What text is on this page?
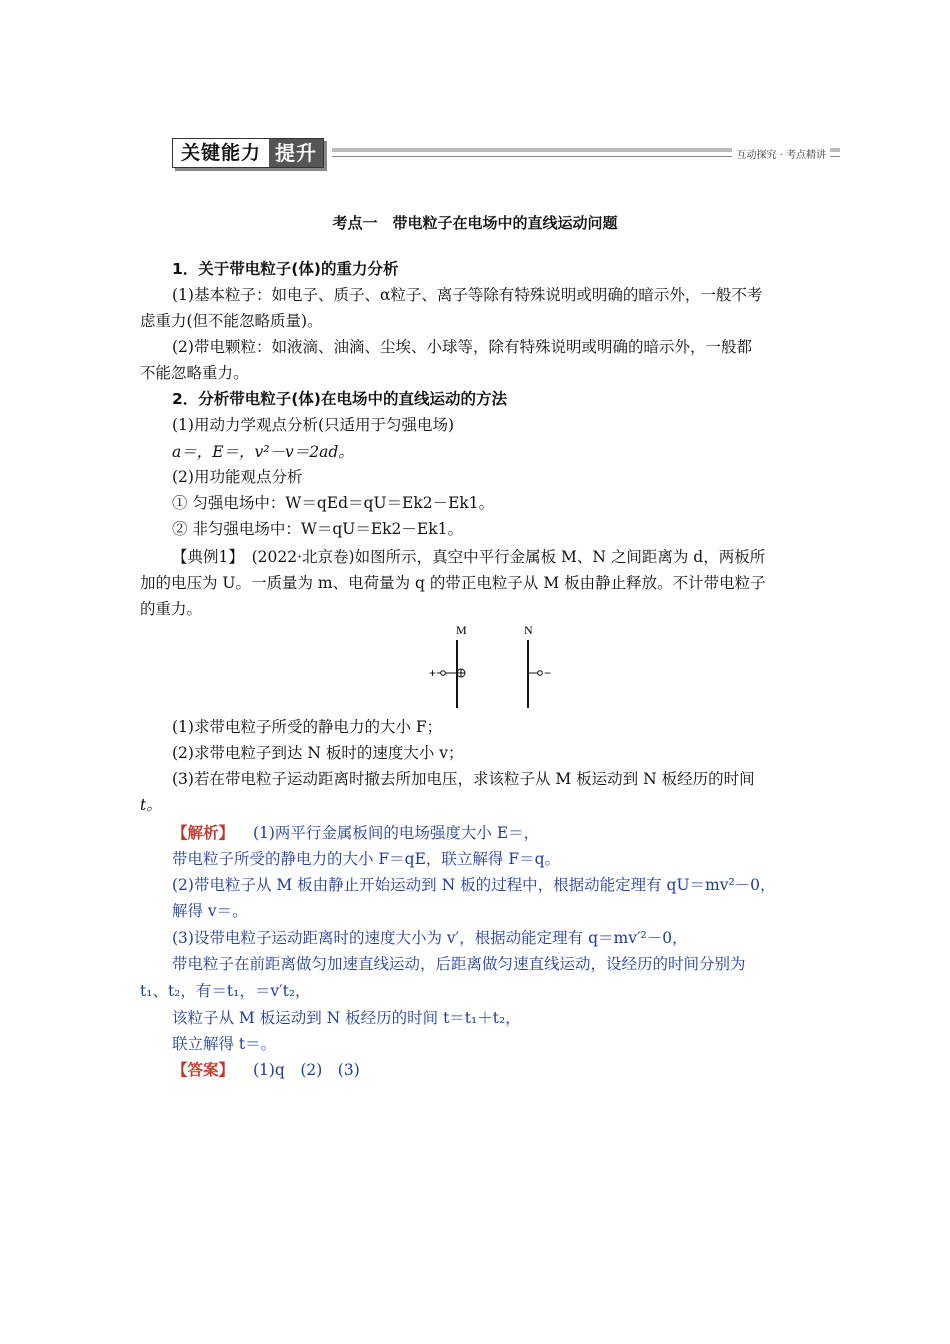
关键能力 提升	互动探究 · 考点精讲
考点一　带电粒子在电场中的直线运动问题
1．关于带电粒子(体)的重力分析
(1)基本粒子：如电子、质子、α粒子、离子等除有特殊说明或明确的暗示外，一般不考
虑重力(但不能忽略质量)。
(2)带电颗粒：如液滴、油滴、尘埃、小球等，除有特殊说明或明确的暗示外，一般都
不能忽略重力。
2．分析带电粒子(体)在电场中的直线运动的方法
(1)用动力学观点分析(只适用于匀强电场)
a＝，E＝，v²－v＝2ad。
(2)用功能观点分析
① 匀强电场中：W＝qEd＝qU＝Ek2－Ek1。
② 非匀强电场中：W＝qU＝Ek2－Ek1。
【典例1】　(2022·北京卷)如图所示，真空中平行金属板 M、N 之间距离为 d，两板所
加的电压为 U。一质量为 m、电荷量为 q 的带正电粒子从 M 板由静止释放。不计带电粒子
的重力。
M	N
+	−
(1)求带电粒子所受的静电力的大小 F；
(2)求带电粒子到达 N 板时的速度大小 v；
(3)若在带电粒子运动距离时撤去所加电压，求该粒子从 M 板运动到 N 板经历的时间
t。
【解析】 (1)两平行金属板间的电场强度大小 E＝，
带电粒子所受的静电力的大小 F＝qE，联立解得 F＝q。
(2)带电粒子从 M 板由静止开始运动到 N 板的过程中，根据动能定理有 qU＝mv²－0，
解得 v＝。
(3)设带电粒子运动距离时的速度大小为 v′，根据动能定理有 q＝mv′²－0，
带电粒子在前距离做匀加速直线运动，后距离做匀速直线运动，设经历的时间分别为
t₁、t₂，有＝t₁，＝v′t₂，
该粒子从 M 板运动到 N 板经历的时间 t＝t₁＋t₂，
联立解得 t＝。
【答案】 (1)q　(2)　(3)
